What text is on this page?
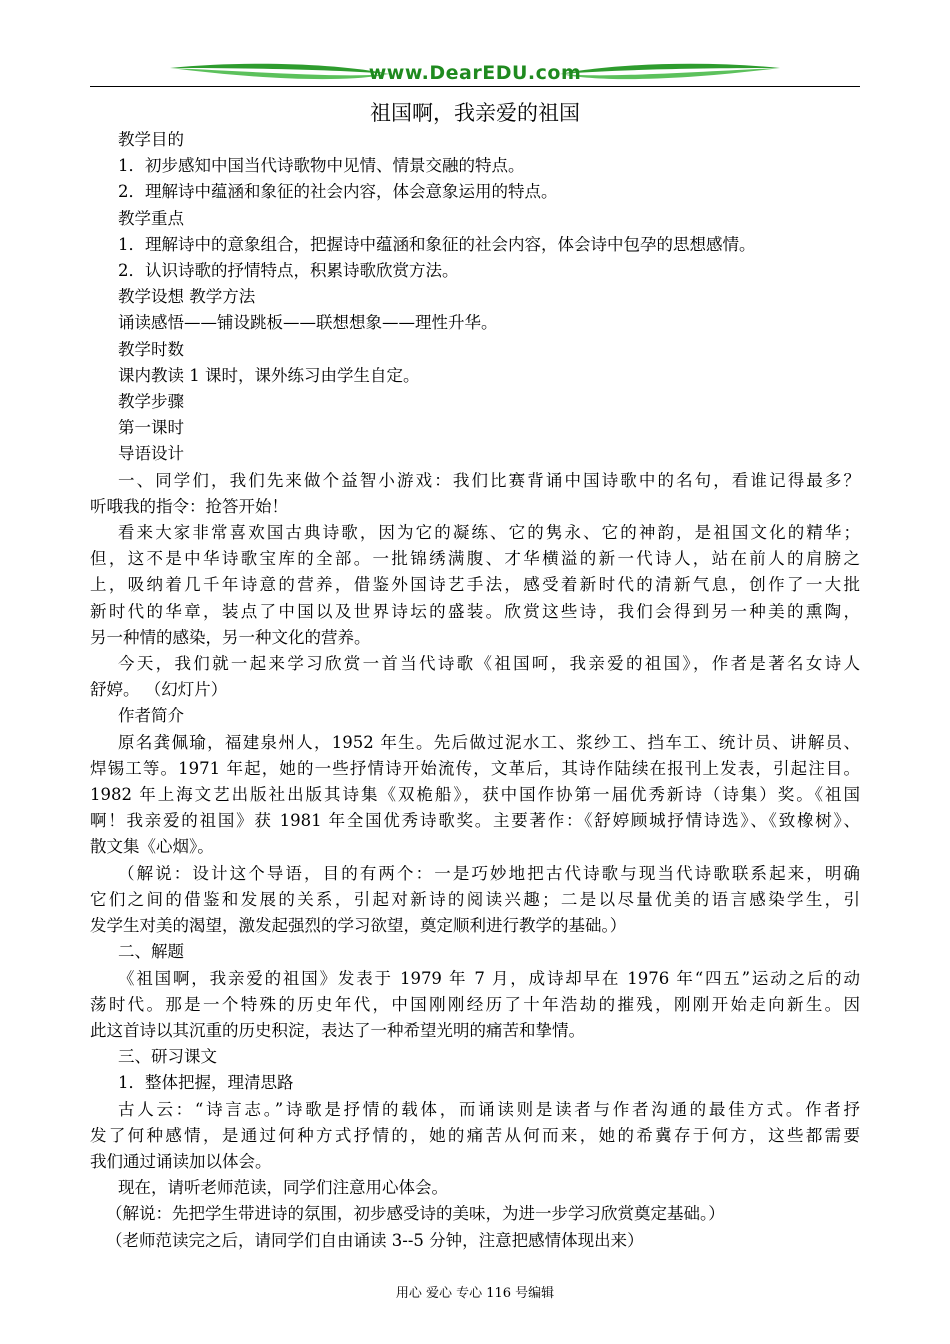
www.DearEDU.com
祖国啊，我亲爱的祖国
教学目的
1．初步感知中国当代诗歌物中见情、情景交融的特点。
2．理解诗中蕴涵和象征的社会内容，体会意象运用的特点。
教学重点
1．理解诗中的意象组合，把握诗中蕴涵和象征的社会内容，体会诗中包孕的思想感情。
2．认识诗歌的抒情特点，积累诗歌欣赏方法。
教学设想 教学方法
诵读感悟——铺设跳板——联想想象——理性升华。
教学时数
课内教读 1 课时，课外练习由学生自定。
教学步骤
第一课时
导语设计
一、同学们，我们先来做个益智小游戏：我们比赛背诵中国诗歌中的名句，看谁记得最多？
听哦我的指令：抢答开始！
看来大家非常喜欢国古典诗歌，因为它的凝练、它的隽永、它的神韵，是祖国文化的精华；
但，这不是中华诗歌宝库的全部。一批锦绣满腹、才华横溢的新一代诗人，站在前人的肩膀之
上，吸纳着几千年诗意的营养，借鉴外国诗艺手法，感受着新时代的清新气息，创作了一大批
新时代的华章，装点了中国以及世界诗坛的盛装。欣赏这些诗，我们会得到另一种美的熏陶，
另一种情的感染，另一种文化的营养。
今天，我们就一起来学习欣赏一首当代诗歌《祖国呵，我亲爱的祖国》，作者是著名女诗人
舒婷。 （幻灯片）
作者简介
原名龚佩瑜，福建泉州人，1952 年生。先后做过泥水工、浆纱工、挡车工、统计员、讲解员、
焊锡工等。1971 年起，她的一些抒情诗开始流传，文革后，其诗作陆续在报刊上发表，引起注目。
1982 年上海文艺出版社出版其诗集《双桅船》，获中国作协第一届优秀新诗（诗集）奖。《祖国
啊！我亲爱的祖国》获 1981 年全国优秀诗歌奖。主要著作：《舒婷顾城抒情诗选》、《致橡树》、
散文集《心烟》。
（解说：设计这个导语，目的有两个：一是巧妙地把古代诗歌与现当代诗歌联系起来，明确
它们之间的借鉴和发展的关系，引起对新诗的阅读兴趣；二是以尽量优美的语言感染学生，引
发学生对美的渴望，激发起强烈的学习欲望，奠定顺利进行教学的基础。）
二、解题
《祖国啊，我亲爱的祖国》发表于 1979 年 7 月，成诗却早在 1976 年“四五”运动之后的动
荡时代。那是一个特殊的历史年代，中国刚刚经历了十年浩劫的摧残，刚刚开始走向新生。因
此这首诗以其沉重的历史积淀，表达了一种希望光明的痛苦和挚情。
三、研习课文
1．整体把握，理清思路
古人云：“诗言志。”诗歌是抒情的载体，而诵读则是读者与作者沟通的最佳方式。作者抒
发了何种感情，是通过何种方式抒情的，她的痛苦从何而来，她的希冀存于何方，这些都需要
我们通过诵读加以体会。
现在，请听老师范读，同学们注意用心体会。
（解说：先把学生带进诗的氛围，初步感受诗的美味，为进一步学习欣赏奠定基础。）
（老师范读完之后，请同学们自由诵读 3--5 分钟，注意把感情体现出来）
用心 爱心 专心 116 号编辑
